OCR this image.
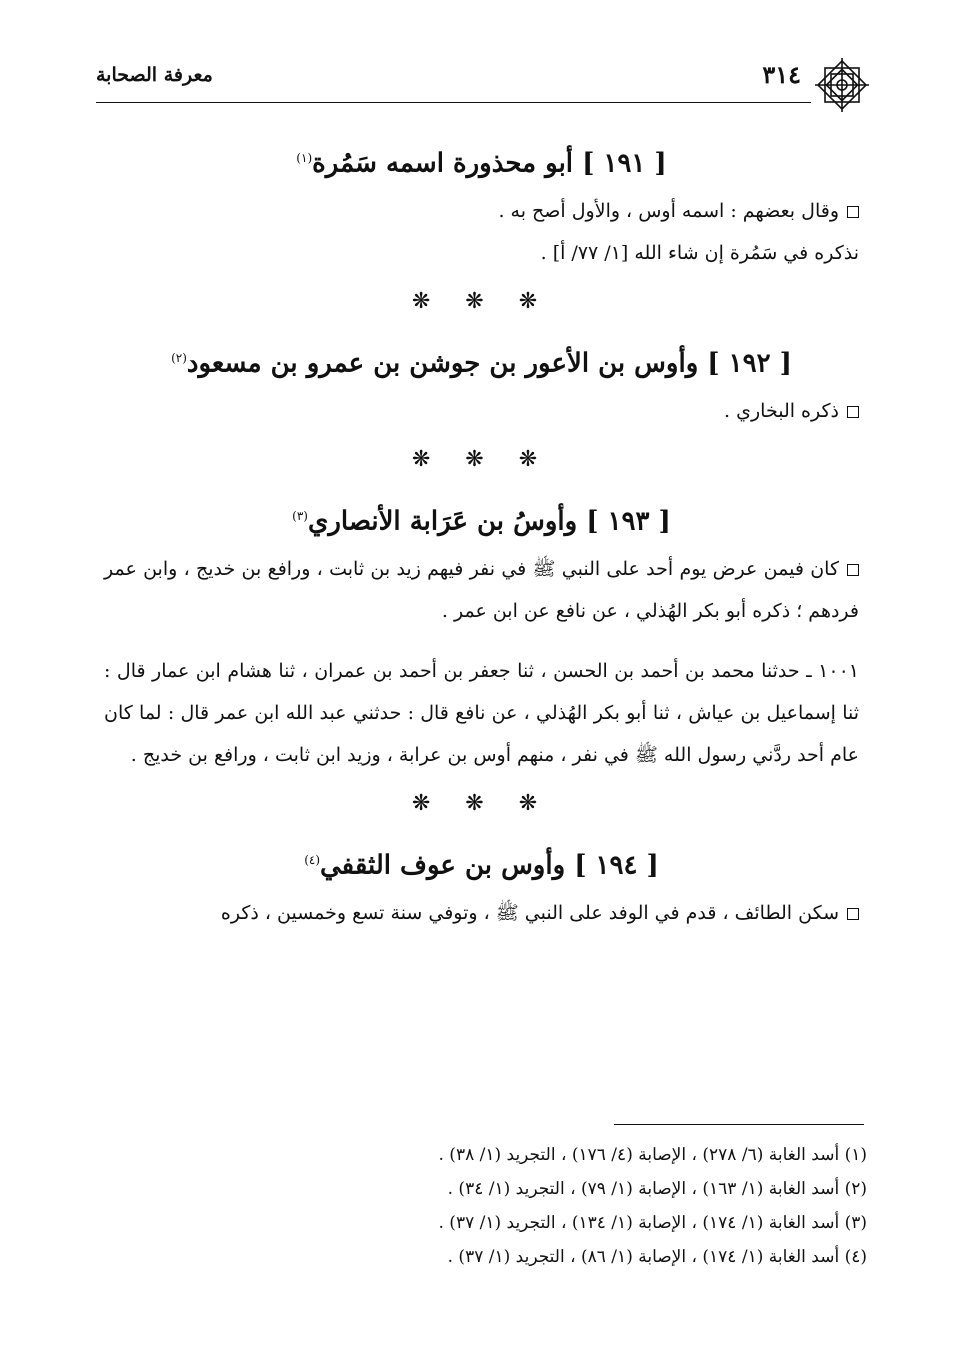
٣١٤
معرفة الصحابة
[ ١٩١ ] أبو محذورة اسمه سَمُرة$^{(١)}$

وقال بعضهم : اسمه أوس ، والأول أصح به .

نذكره في سَمُرة إن شاء الله [١/ ٧٧/ أ] .

❋ ❋ ❋
[ ١٩٢ ] وأوس بن الأعور بن جوشن بن عمرو بن مسعود$^{(٢)}$

ذكره البخاري .

❋ ❋ ❋
[ ١٩٣ ] وأوسُ بن عَرَابة الأنصاري$^{(٣)}$

كان فيمن عرض يوم أحد على النبي ﷺ في نفر فيهم زيد بن ثابت ، ورافع بن خديج ، وابن عمر فردهم ؛ ذكره أبو بكر الهُذلي ، عن نافع عن ابن عمر .

١٠٠١ ـ حدثنا محمد بن أحمد بن الحسن ، ثنا جعفر بن أحمد بن عمران ، ثنا هشام ابن عمار قال : ثنا إسماعيل بن عياش ، ثنا أبو بكر الهُذلي ، عن نافع قال : حدثني عبد الله ابن عمر قال : لما كان عام أحد ردَّني رسول الله ﷺ في نفر ، منهم أوس بن عرابة ، وزيد ابن ثابت ، ورافع بن خديج .

❋ ❋ ❋
[ ١٩٤ ] وأوس بن عوف الثقفي$^{(٤)}$

سكن الطائف ، قدم في الوفد على النبي ﷺ ، وتوفي سنة تسع وخمسين ، ذكره

(١) أسد الغابة (٦/ ٢٧٨) ، الإصابة (٤/ ١٧٦) ، التجريد (١/ ٣٨) .

(٢) أسد الغابة (١/ ١٦٣) ، الإصابة (١/ ٧٩) ، التجريد (١/ ٣٤) .

(٣) أسد الغابة (١/ ١٧٤) ، الإصابة (١/ ١٣٤) ، التجريد (١/ ٣٧) .

(٤) أسد الغابة (١/ ١٧٤) ، الإصابة (١/ ٨٦) ، التجريد (١/ ٣٧) .
